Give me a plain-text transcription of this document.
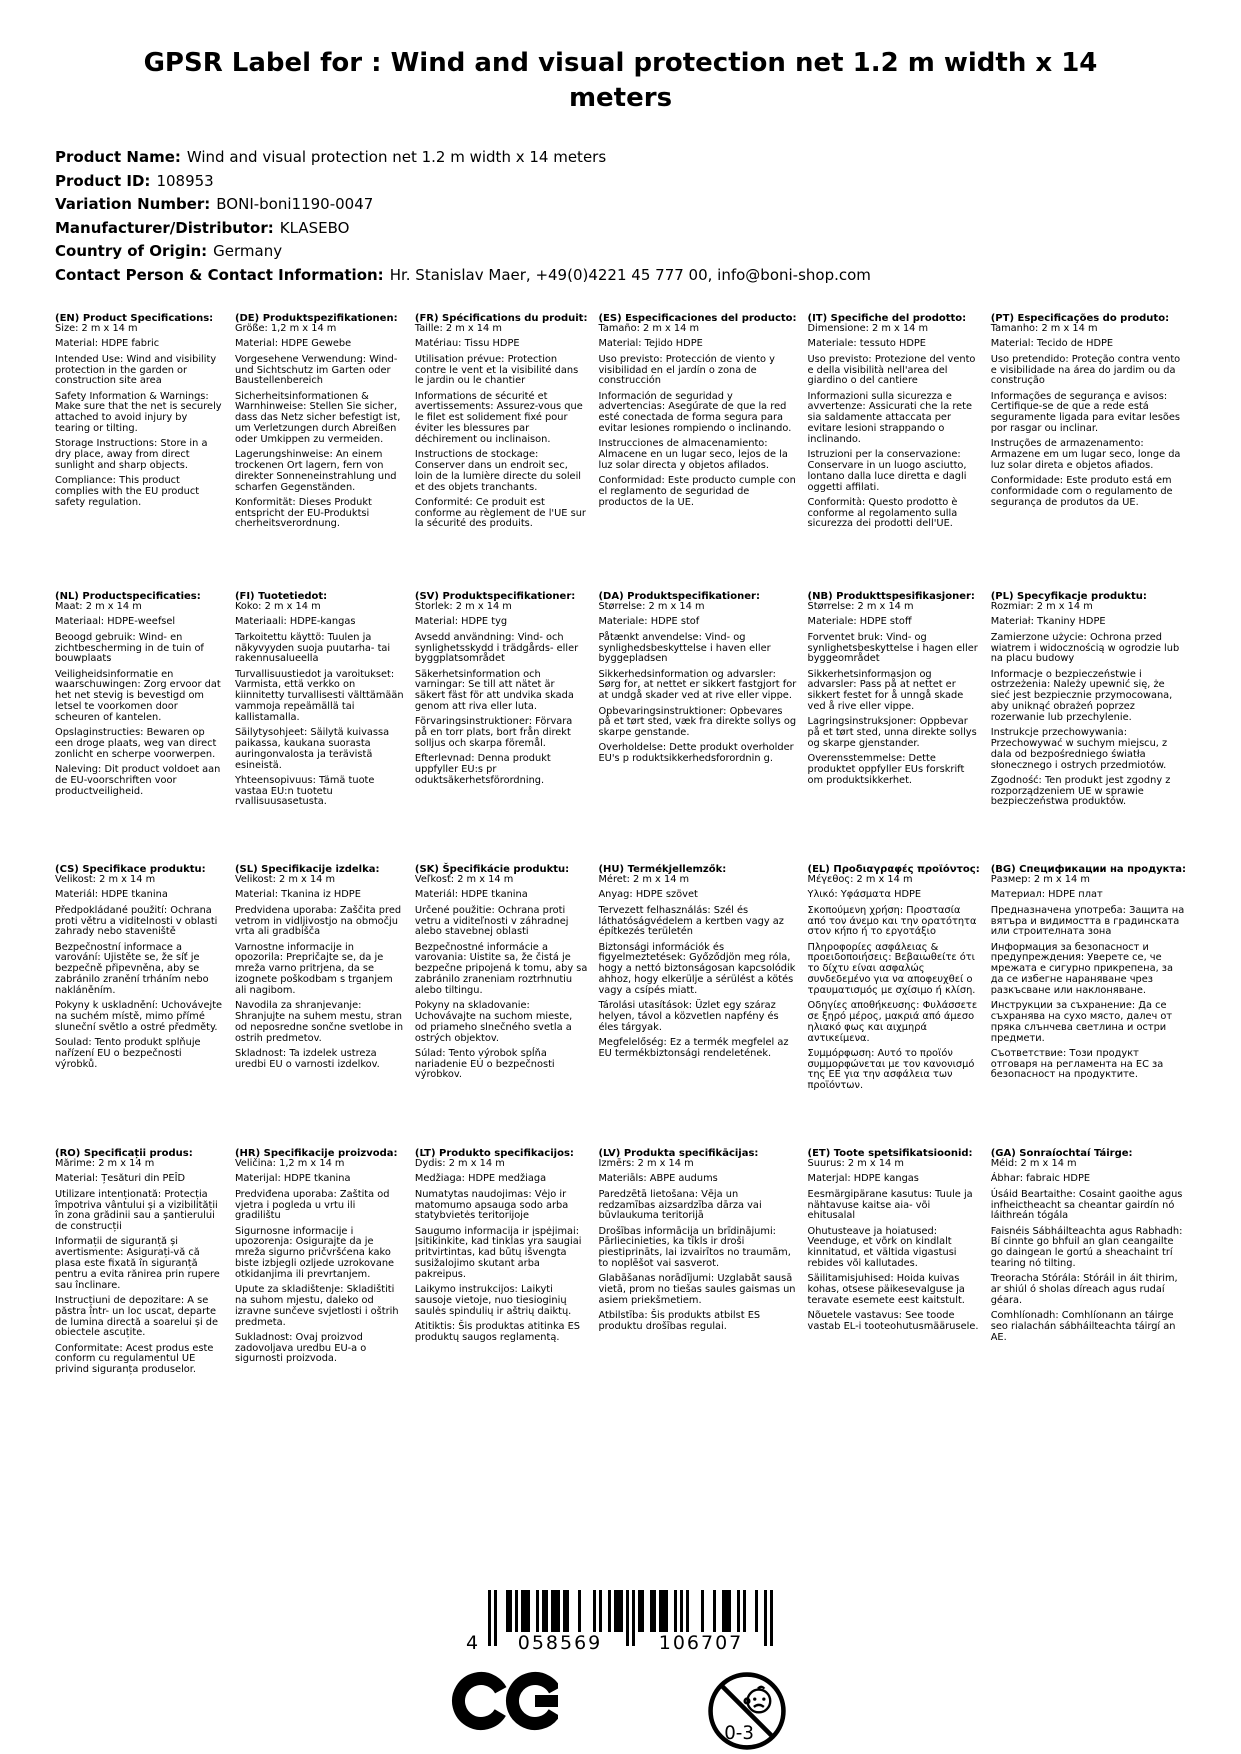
GPSR Label for : Wind and visual protection net 1.2 m width x 14 meters
Product Name: Wind and visual protection net 1.2 m width x 14 meters
Product ID: 108953
Variation Number: BONI-boni1190-0047
Manufacturer/Distributor: KLASEBO
Country of Origin: Germany
Contact Person & Contact Information: Hr. Stanislav Maer, +49(0)4221 45 777 00, info@boni-shop.com
(EN) Product Specifications:

Size: 2 m x 14 m

Material: HDPE fabric

Intended Use: Wind and visibility protection in the garden or construction site area

Safety Information & Warnings: Make sure that the net is securely attached to avoid injury by tearing or tilting.

Storage Instructions: Store in a dry place, away from direct sunlight and sharp objects.

Compliance: This product complies with the EU product safety regulation.

(DE) Produktspezifikationen:

Größe: 1,2 m x 14 m

Material: HDPE Gewebe

Vorgesehene Verwendung: Wind- und Sichtschutz im Garten oder Baustellenbereich

Sicherheitsinformationen & Warnhinweise: Stellen Sie sicher, dass das Netz sicher befestigt ist, um Verletzungen durch Abreißen oder Umkippen zu vermeiden.

Lagerungshinweise: An einem trockenen Ort lagern, fern von direkter Sonneneinstrahlung und scharfen Gegenständen.

Konformität: Dieses Produkt entspricht der EU-Produktsi cherheitsverordnung.

(FR) Spécifications du produit:

Taille: 2 m x 14 m

Matériau: Tissu HDPE

Utilisation prévue: Protection contre le vent et la visibilité dans le jardin ou le chantier

Informations de sécurité et avertissements: Assurez-vous que le filet est solidement fixé pour éviter les blessures par déchirement ou inclinaison.

Instructions de stockage: Conserver dans un endroit sec, loin de la lumière directe du soleil et des objets tranchants.

Conformité: Ce produit est conforme au règlement de l'UE sur la sécurité des produits.

(ES) Especificaciones del producto:

Tamaño: 2 m x 14 m

Material: Tejido HDPE

Uso previsto: Protección de viento y visibilidad en el jardín o zona de construcción

Información de seguridad y advertencias: Asegúrate de que la red esté conectada de forma segura para evitar lesiones rompiendo o inclinando.

Instrucciones de almacenamiento: Almacene en un lugar seco, lejos de la luz solar directa y objetos afilados.

Conformidad: Este producto cumple con el reglamento de seguridad de productos de la UE.

(IT) Specifiche del prodotto:

Dimensione: 2 m x 14 m

Materiale: tessuto HDPE

Uso previsto: Protezione del vento e della visibilità nell'area del giardino o del cantiere

Informazioni sulla sicurezza e avvertenze: Assicurati che la rete sia saldamente attaccata per evitare lesioni strappando o inclinando.

Istruzioni per la conservazione: Conservare in un luogo asciutto, lontano dalla luce diretta e dagli oggetti affilati.

Conformità: Questo prodotto è conforme al regolamento sulla sicurezza dei prodotti dell'UE.

(PT) Especificações do produto:

Tamanho: 2 m x 14 m

Material: Tecido de HDPE

Uso pretendido: Proteção contra vento e visibilidade na área do jardim ou da construção

Informações de segurança e avisos: Certifique-se de que a rede está seguramente ligada para evitar lesões por rasgar ou inclinar.

Instruções de armazenamento: Armazene em um lugar seco, longe da luz solar direta e objetos afiados.

Conformidade: Este produto está em conformidade com o regulamento de segurança de produtos da UE.

(NL) Productspecificaties:

Maat: 2 m x 14 m

Materiaal: HDPE-weefsel

Beoogd gebruik: Wind- en zichtbescherming in de tuin of bouwplaats

Veiligheidsinformatie en waarschuwingen: Zorg ervoor dat het net stevig is bevestigd om letsel te voorkomen door scheuren of kantelen.

Opslaginstructies: Bewaren op een droge plaats, weg van direct zonlicht en scherpe voorwerpen.

Naleving: Dit product voldoet aan de EU-voorschriften voor productveiligheid.

(FI) Tuotetiedot:

Koko: 2 m x 14 m

Materiaali: HDPE-kangas

Tarkoitettu käyttö: Tuulen ja näkyvyyden suoja puutarha- tai rakennusalueella

Turvallisuustiedot ja varoitukset: Varmista, että verkko on kiinnitetty turvallisesti välttämään vammoja repeämällä tai kallistamalla.

Säilytysohjeet: Säilytä kuivassa paikassa, kaukana suorasta auringonvalosta ja terävistä esineistä.

Yhteensopivuus: Tämä tuote vastaa EU:n tuotetu rvallisuusasetusta.

(SV) Produktspecifikationer:

Storlek: 2 m x 14 m

Material: HDPE tyg

Avsedd användning: Vind- och synlighetsskydd i trädgårds- eller byggplatsområdet

Säkerhetsinformation och varningar: Se till att nätet är säkert fäst för att undvika skada genom att riva eller luta.

Förvaringsinstruktioner: Förvara på en torr plats, bort från direkt solljus och skarpa föremål.

Efterlevnad: Denna produkt uppfyller EU:s pr oduktsäkerhetsförordning.

(DA) Produktspecifikationer:

Størrelse: 2 m x 14 m

Materiale: HDPE stof

Påtænkt anvendelse: Vind- og synlighedsbeskyttelse i haven eller byggepladsen

Sikkerhedsinformation og advarsler: Sørg for, at nettet er sikkert fastgjort for at undgå skader ved at rive eller vippe.

Opbevaringsinstruktioner: Opbevares på et tørt sted, væk fra direkte sollys og skarpe genstande.

Overholdelse: Dette produkt overholder EU's p roduktsikkerhedsforordnin g.

(NB) Produkttspesifikasjoner:

Størrelse: 2 m x 14 m

Materiale: HDPE stoff

Forventet bruk: Vind- og synlighetsbeskyttelse i hagen eller byggeområdet

Sikkerhetsinformasjon og advarsler: Pass på at nettet er sikkert festet for å unngå skade ved å rive eller vippe.

Lagringsinstruksjoner: Oppbevar på et tørt sted, unna direkte sollys og skarpe gjenstander.

Overensstemmelse: Dette produktet oppfyller EUs forskrift om produktsikkerhet.

(PL) Specyfikacje produktu:

Rozmiar: 2 m x 14 m

Materiał: Tkaniny HDPE

Zamierzone użycie: Ochrona przed wiatrem i widocznością w ogrodzie lub na placu budowy

Informacje o bezpieczeństwie i ostrzeżenia: Należy upewnić się, że sieć jest bezpiecznie przymocowana, aby uniknąć obrażeń poprzez rozerwanie lub przechylenie.

Instrukcje przechowywania: Przechowywać w suchym miejscu, z dala od bezpośredniego światła słonecznego i ostrych przedmiotów.

Zgodność: Ten produkt jest zgodny z rozporządzeniem UE w sprawie bezpieczeństwa produktów.

(CS) Specifikace produktu:

Velikost: 2 m x 14 m

Materiál: HDPE tkanina

Předpokládané použití: Ochrana proti větru a viditelnosti v oblasti zahrady nebo staveniště

Bezpečnostní informace a varování: Ujistěte se, že síť je bezpečně připevněna, aby se zabránilo zranění trháním nebo nakláněním.

Pokyny k uskladnění: Uchovávejte na suchém místě, mimo přímé sluneční světlo a ostré předměty.

Soulad: Tento produkt splňuje nařízení EU o bezpečnosti výrobků.

(SL) Specifikacije izdelka:

Velikost: 2 m x 14 m

Material: Tkanina iz HDPE

Predvidena uporaba: Zaščita pred vetrom in vidljivostjo na območju vrta ali gradbišča

Varnostne informacije in opozorila: Prepričajte se, da je mreža varno pritrjena, da se izognete poškodbam s trganjem ali nagibom.

Navodila za shranjevanje: Shranjujte na suhem mestu, stran od neposredne sončne svetlobe in ostrih predmetov.

Skladnost: Ta izdelek ustreza uredbi EU o varnosti izdelkov.

(SK) Špecifikácie produktu:

Veľkosť: 2 m x 14 m

Materiál: HDPE tkanina

Určené použitie: Ochrana proti vetru a viditeľnosti v záhradnej alebo stavebnej oblasti

Bezpečnostné informácie a varovania: Uistite sa, že čistá je bezpečne pripojená k tomu, aby sa zabránilo zraneniam roztrhnutiu alebo tiltingu.

Pokyny na skladovanie: Uchovávajte na suchom mieste, od priameho slnečného svetla a ostrých objektov.

Súlad: Tento výrobok spĺňa nariadenie EÚ o bezpečnosti výrobkov.

(HU) Termékjellemzők:

Méret: 2 m x 14 m

Anyag: HDPE szövet

Tervezett felhasználás: Szél és láthatóságvédelem a kertben vagy az építkezés területén

Biztonsági információk és figyelmeztetések: Győződjön meg róla, hogy a nettó biztonságosan kapcsolódik ahhoz, hogy elkerülje a sérülést a kötés vagy a csípés miatt.

Tárolási utasítások: Üzlet egy száraz helyen, távol a közvetlen napfény és éles tárgyak.

Megfelelőség: Ez a termék megfelel az EU termékbiztonsági rendeletének.

(EL) Προδιαγραφές προϊόντος:

Μέγεθος: 2 m x 14 m

Υλικό: Υφάσματα HDPE

Σκοπούμενη χρήση: Προστασία από τον άνεμο και την ορατότητα στον κήπο ή το εργοτάξιο

Πληροφορίες ασφάλειας & προειδοποιήσεις: Βεβαιωθείτε ότι το δίχτυ είναι ασφαλώς συνδεδεμένο για να αποφευχθεί ο τραυματισμός με σχίσιμο ή κλίση.

Οδηγίες αποθήκευσης: Φυλάσσετε σε ξηρό μέρος, μακριά από άμεσο ηλιακό φως και αιχμηρά αντικείμενα.

Συμμόρφωση: Αυτό το προϊόν συμμορφώνεται με τον κανονισμό της ΕΕ για την ασφάλεια των προϊόντων.

(BG) Спецификации на продукта:

Размер: 2 m x 14 m

Материал: HDPE плат

Предназначена употреба: Защита на вятъра и видимостта в градинската или строителната зона

Информация за безопасност и предупреждения: Уверете се, че мрежата е сигурно прикрепена, за да се избегне нараняване чрез разкъсване или наклоняване.

Инструкции за съхранение: Да се съхранява на сухо място, далеч от пряка слънчева светлина и остри предмети.

Съответствие: Този продукт отговаря на регламента на ЕС за безопасност на продуктите.

(RO) Specificații produs:

Mărime: 2 m x 14 m

Material: Țesături din PEÎD

Utilizare intenționată: Protecția împotriva vântului și a vizibilității în zona grădinii sau a șantierului de construcții

Informații de siguranță și avertismente: Asigurați-vă că plasa este fixată în siguranță pentru a evita rănirea prin rupere sau înclinare.

Instrucțiuni de depozitare: A se păstra într- un loc uscat, departe de lumina directă a soarelui și de obiectele ascuțite.

Conformitate: Acest produs este conform cu regulamentul UE privind siguranța produselor.

(HR) Specifikacije proizvoda:

Veličina: 1,2 m x 14 m

Materijal: HDPE tkanina

Predviđena uporaba: Zaštita od vjetra i pogleda u vrtu ili gradilištu

Sigurnosne informacije i upozorenja: Osigurajte da je mreža sigurno pričvršćena kako biste izbjegli ozljede uzrokovane otkidanjima ili prevrtanjem.

Upute za skladištenje: Skladištiti na suhom mjestu, daleko od izravne sunčeve svjetlosti i oštrih predmeta.

Sukladnost: Ovaj proizvod zadovoljava uredbu EU-a o sigurnosti proizvoda.

(LT) Produkto specifikacijos:

Dydis: 2 m x 14 m

Medžiaga: HDPE medžiaga

Numatytas naudojimas: Vėjo ir matomumo apsauga sodo arba statybvietės teritorijoje

Saugumo informacija ir įspėjimai: Įsitikinkite, kad tinklas yra saugiai pritvirtintas, kad būtų išvengta susižalojimo skutant arba pakreipus.

Laikymo instrukcijos: Laikyti sausoje vietoje, nuo tiesioginių saulės spindulių ir aštrių daiktų.

Atitiktis: Šis produktas atitinka ES produktų saugos reglamentą.

(LV) Produkta specifikācijas:

Izmērs: 2 m x 14 m

Materiāls: ABPE audums

Paredzētā lietošana: Vēja un redzamības aizsardzība dārza vai būvlaukuma teritorijā

Drošības informācija un brīdinājumi: Pārliecinieties, ka tīkls ir droši piestiprināts, lai izvairītos no traumām, to noplēšot vai sasverot.

Glabāšanas norādījumi: Uzglabāt sausā vietā, prom no tiešas saules gaismas un asiem priekšmetiem.

Atbilstība: Šis produkts atbilst ES produktu drošības regulai.

(ET) Toote spetsifikatsioonid:

Suurus: 2 m x 14 m

Materjal: HDPE kangas

Eesmärgipärane kasutus: Tuule ja nähtavuse kaitse aia- või ehitusalal

Ohutusteave ja hoiatused: Veenduge, et võrk on kindlalt kinnitatud, et vältida vigastusi rebides või kallutades.

Säilitamisjuhised: Hoida kuivas kohas, otsese päikesevalguse ja teravate esemete eest kaitstult.

Nõuetele vastavus: See toode vastab EL-i tooteohutusmäärusele.

(GA) Sonraíochtaí Táirge:

Méid: 2 m x 14 m

Ábhar: fabraic HDPE

Úsáid Beartaithe: Cosaint gaoithe agus infheictheacht sa cheantar gairdín nó láithreán tógála

Faisnéis Sábháilteachta agus Rabhadh: Bí cinnte go bhfuil an glan ceangailte go daingean le gortú a sheachaint trí tearing nó tilting.

Treoracha Stórála: Stóráil in áit thirim, ar shiúl ó sholas díreach agus rudaí géara.

Comhlíonadh: Comhlíonann an táirge seo rialachán sábháilteachta táirgí an AE.

4 058569	106707
0-3
